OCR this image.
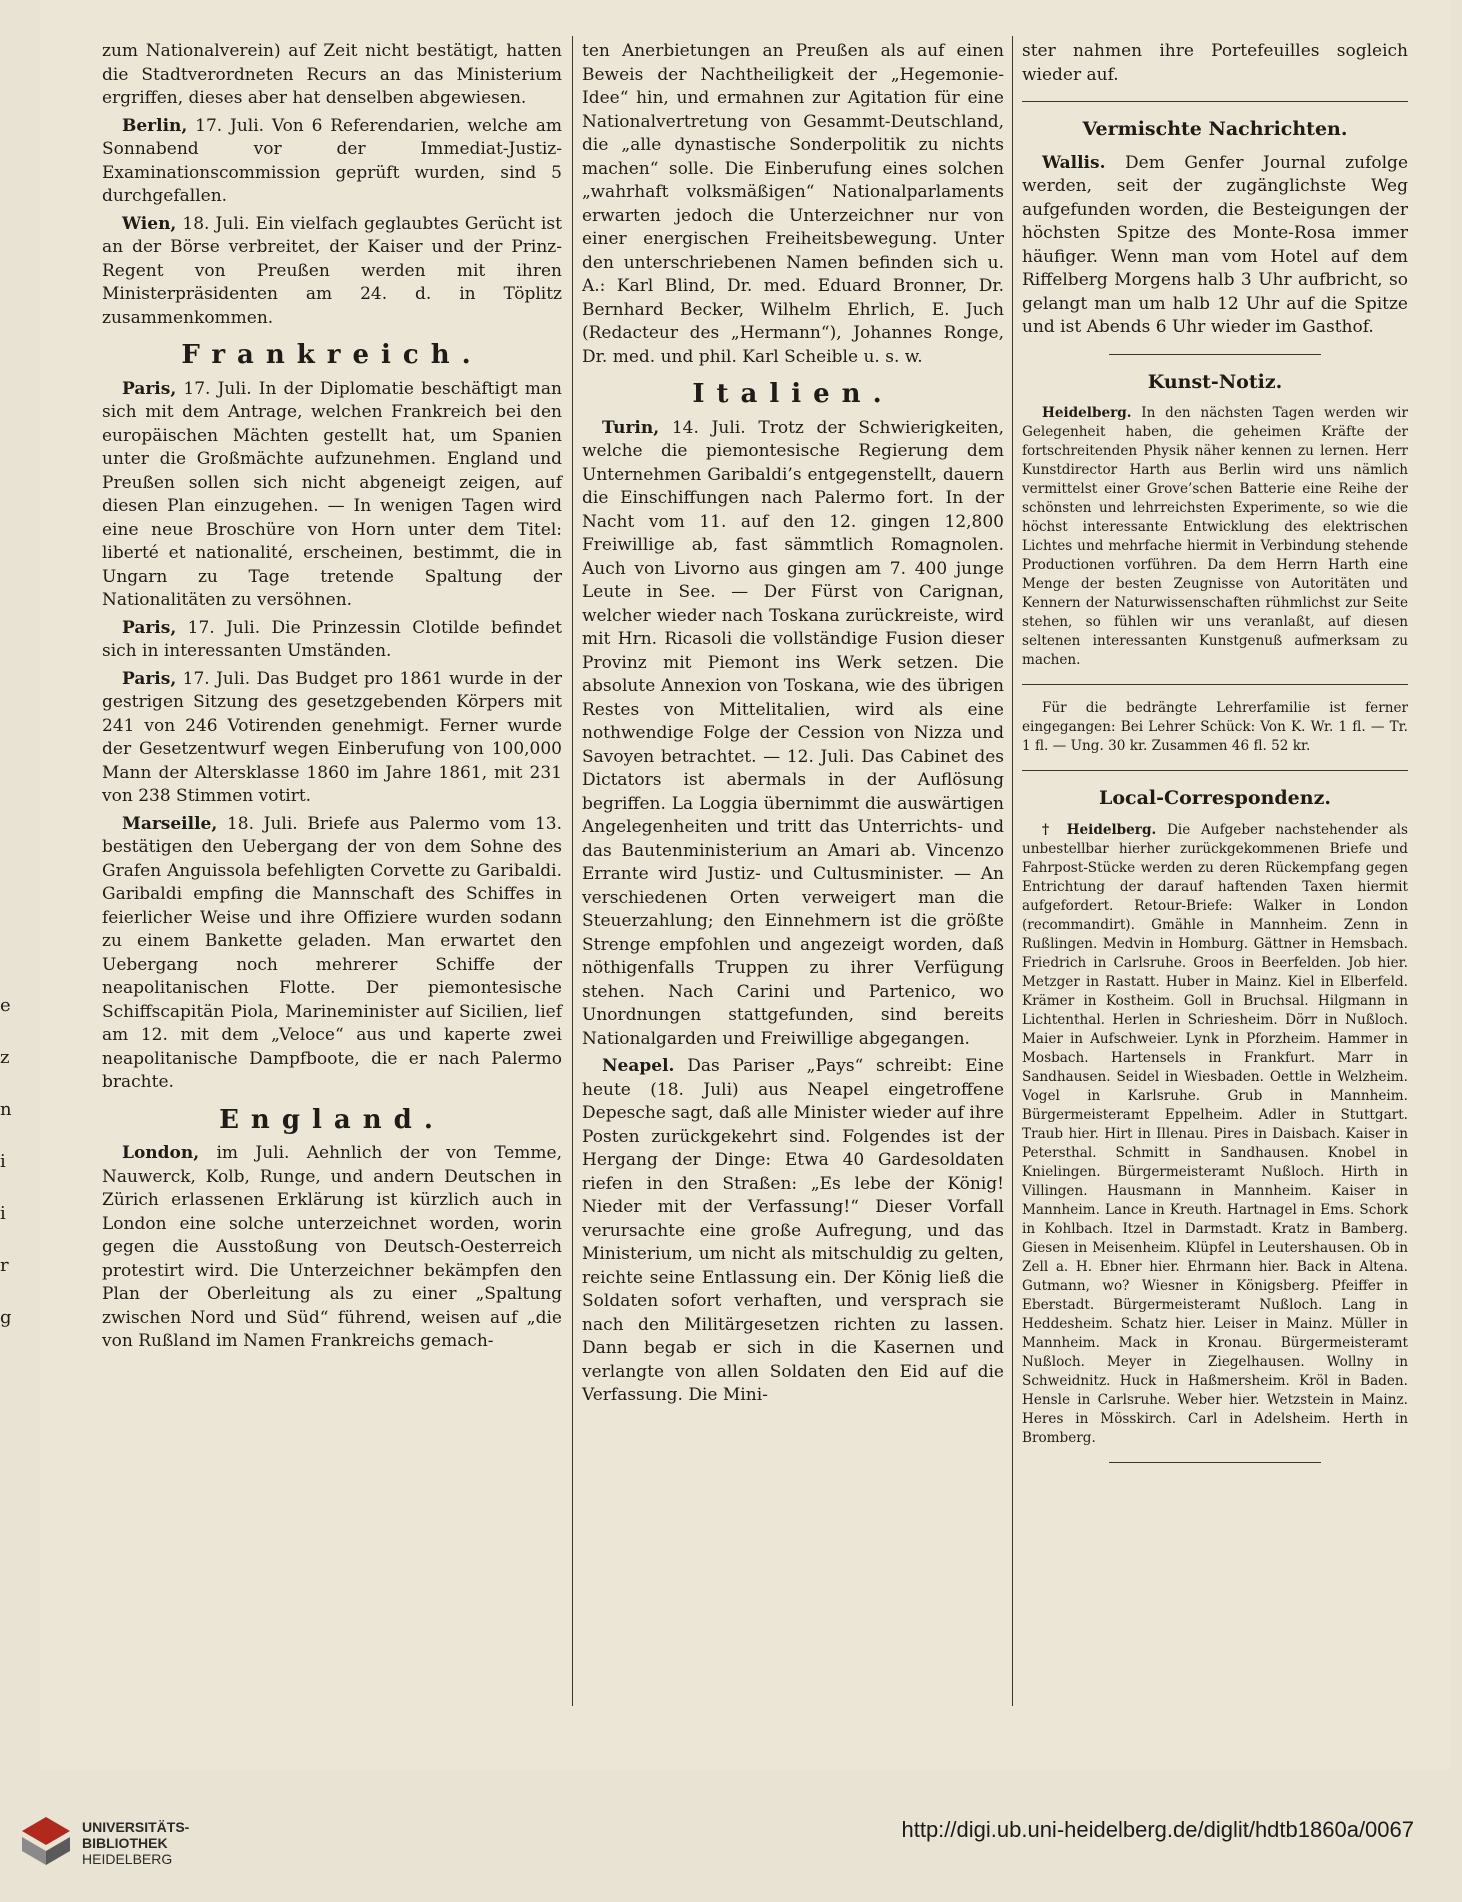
zum Nationalverein) auf Zeit nicht bestätigt, hatten die Stadtverordneten Recurs an das Ministerium ergriffen, dieses aber hat denselben abgewiesen.

Berlin, 17. Juli. Von 6 Referendarien, welche am Sonnabend vor der Immediat-Justiz-Examinationscommission geprüft wurden, sind 5 durchgefallen.

Wien, 18. Juli. Ein vielfach geglaubtes Gerücht ist an der Börse verbreitet, der Kaiser und der Prinz-Regent von Preußen werden mit ihren Ministerpräsidenten am 24. d. in Töplitz zusammenkommen.

Frankreich.

Paris, 17. Juli. In der Diplomatie beschäftigt man sich mit dem Antrage, welchen Frankreich bei den europäischen Mächten gestellt hat, um Spanien unter die Großmächte aufzunehmen. England und Preußen sollen sich nicht abgeneigt zeigen, auf diesen Plan einzugehen. — In wenigen Tagen wird eine neue Broschüre von Horn unter dem Titel: liberté et nationalité, erscheinen, bestimmt, die in Ungarn zu Tage tretende Spaltung der Nationalitäten zu versöhnen.

Paris, 17. Juli. Die Prinzessin Clotilde befindet sich in interessanten Umständen.

Paris, 17. Juli. Das Budget pro 1861 wurde in der gestrigen Sitzung des gesetzgebenden Körpers mit 241 von 246 Votirenden genehmigt. Ferner wurde der Gesetzentwurf wegen Einberufung von 100,000 Mann der Altersklasse 1860 im Jahre 1861, mit 231 von 238 Stimmen votirt.

Marseille, 18. Juli. Briefe aus Palermo vom 13. bestätigen den Uebergang der von dem Sohne des Grafen Anguissola befehligten Corvette zu Garibaldi. Garibaldi empfing die Mannschaft des Schiffes in feierlicher Weise und ihre Offiziere wurden sodann zu einem Bankette geladen. Man erwartet den Uebergang noch mehrerer Schiffe der neapolitanischen Flotte. Der piemontesische Schiffscapitän Piola, Marineminister auf Sicilien, lief am 12. mit dem „Veloce“ aus und kaperte zwei neapolitanische Dampfboote, die er nach Palermo brachte.

England.

London, im Juli. Aehnlich der von Temme, Nauwerck, Kolb, Runge, und andern Deutschen in Zürich erlassenen Erklärung ist kürzlich auch in London eine solche unterzeichnet worden, worin gegen die Ausstoßung von Deutsch-Oesterreich protestirt wird. Die Unterzeichner bekämpfen den Plan der Oberleitung als zu einer „Spaltung zwischen Nord und Süd“ führend, weisen auf „die von Rußland im Namen Frankreichs gemach-

ten Anerbietungen an Preußen als auf einen Beweis der Nachtheiligkeit der „Hegemonie-Idee“ hin, und ermahnen zur Agitation für eine Nationalvertretung von Gesammt-Deutschland, die „alle dynastische Sonderpolitik zu nichts machen“ solle. Die Einberufung eines solchen „wahrhaft volksmäßigen“ Nationalparlaments erwarten jedoch die Unterzeichner nur von einer energischen Freiheitsbewegung. Unter den unterschriebenen Namen befinden sich u. A.: Karl Blind, Dr. med. Eduard Bronner, Dr. Bernhard Becker, Wilhelm Ehrlich, E. Juch (Redacteur des „Hermann“), Johannes Ronge, Dr. med. und phil. Karl Scheible u. s. w.

Italien.

Turin, 14. Juli. Trotz der Schwierigkeiten, welche die piemontesische Regierung dem Unternehmen Garibaldi’s entgegenstellt, dauern die Einschiffungen nach Palermo fort. In der Nacht vom 11. auf den 12. gingen 12,800 Freiwillige ab, fast sämmtlich Romagnolen. Auch von Livorno aus gingen am 7. 400 junge Leute in See. — Der Fürst von Carignan, welcher wieder nach Toskana zurückreiste, wird mit Hrn. Ricasoli die vollständige Fusion dieser Provinz mit Piemont ins Werk setzen. Die absolute Annexion von Toskana, wie des übrigen Restes von Mittelitalien, wird als eine nothwendige Folge der Cession von Nizza und Savoyen betrachtet. — 12. Juli. Das Cabinet des Dictators ist abermals in der Auflösung begriffen. La Loggia übernimmt die auswärtigen Angelegenheiten und tritt das Unterrichts- und das Bautenministerium an Amari ab. Vincenzo Errante wird Justiz- und Cultusminister. — An verschiedenen Orten verweigert man die Steuerzahlung; den Einnehmern ist die größte Strenge empfohlen und angezeigt worden, daß nöthigenfalls Truppen zu ihrer Verfügung stehen. Nach Carini und Partenico, wo Unordnungen stattgefunden, sind bereits Nationalgarden und Freiwillige abgegangen.

Neapel. Das Pariser „Pays“ schreibt: Eine heute (18. Juli) aus Neapel eingetroffene Depesche sagt, daß alle Minister wieder auf ihre Posten zurückgekehrt sind. Folgendes ist der Hergang der Dinge: Etwa 40 Gardesoldaten riefen in den Straßen: „Es lebe der König! Nieder mit der Verfassung!“ Dieser Vorfall verursachte eine große Aufregung, und das Ministerium, um nicht als mitschuldig zu gelten, reichte seine Entlassung ein. Der König ließ die Soldaten sofort verhaften, und versprach sie nach den Militärgesetzen richten zu lassen. Dann begab er sich in die Kasernen und verlangte von allen Soldaten den Eid auf die Verfassung. Die Mini-

ster nahmen ihre Portefeuilles sogleich wieder auf.

Vermischte Nachrichten.

Wallis. Dem Genfer Journal zufolge werden, seit der zugänglichste Weg aufgefunden worden, die Besteigungen der höchsten Spitze des Monte-Rosa immer häufiger. Wenn man vom Hotel auf dem Riffelberg Morgens halb 3 Uhr aufbricht, so gelangt man um halb 12 Uhr auf die Spitze und ist Abends 6 Uhr wieder im Gasthof.

Kunst-Notiz.

Heidelberg. In den nächsten Tagen werden wir Gelegenheit haben, die geheimen Kräfte der fortschreitenden Physik näher kennen zu lernen. Herr Kunstdirector Harth aus Berlin wird uns nämlich vermittelst einer Grove’schen Batterie eine Reihe der schönsten und lehrreichsten Experimente, so wie die höchst interessante Entwicklung des elektrischen Lichtes und mehrfache hiermit in Verbindung stehende Productionen vorführen. Da dem Herrn Harth eine Menge der besten Zeugnisse von Autoritäten und Kennern der Naturwissenschaften rühmlichst zur Seite stehen, so fühlen wir uns veranlaßt, auf diesen seltenen interessanten Kunstgenuß aufmerksam zu machen.

Für die bedrängte Lehrerfamilie ist ferner eingegangen: Bei Lehrer Schück: Von K. Wr. 1 fl. — Tr. 1 fl. — Ung. 30 kr. Zusammen 46 fl. 52 kr.

Local-Correspondenz.

† Heidelberg. Die Aufgeber nachstehender als unbestellbar hierher zurückgekommenen Briefe und Fahrpost-Stücke werden zu deren Rückempfang gegen Entrichtung der darauf haftenden Taxen hiermit aufgefordert. Retour-Briefe: Walker in London (recommandirt). Gmähle in Mannheim. Zenn in Rußlingen. Medvin in Homburg. Gättner in Hemsbach. Friedrich in Carlsruhe. Groos in Beerfelden. Job hier. Metzger in Rastatt. Huber in Mainz. Kiel in Elberfeld. Krämer in Kostheim. Goll in Bruchsal. Hilgmann in Lichtenthal. Herlen in Schriesheim. Dörr in Nußloch. Maier in Aufschweier. Lynk in Pforzheim. Hammer in Mosbach. Hartensels in Frankfurt. Marr in Sandhausen. Seidel in Wiesbaden. Oettle in Welzheim. Vogel in Karlsruhe. Grub in Mannheim. Bürgermeisteramt Eppelheim. Adler in Stuttgart. Traub hier. Hirt in Illenau. Pires in Daisbach. Kaiser in Petersthal. Schmitt in Sandhausen. Knobel in Knielingen. Bürgermeisteramt Nußloch. Hirth in Villingen. Hausmann in Mannheim. Kaiser in Mannheim. Lance in Kreuth. Hartnagel in Ems. Schork in Kohlbach. Itzel in Darmstadt. Kratz in Bamberg. Giesen in Meisenheim. Klüpfel in Leutershausen. Ob in Zell a. H. Ebner hier. Ehrmann hier. Back in Altena. Gutmann, wo? Wiesner in Königsberg. Pfeiffer in Eberstadt. Bürgermeisteramt Nußloch. Lang in Heddesheim. Schatz hier. Leiser in Mainz. Müller in Mannheim. Mack in Kronau. Bürgermeisteramt Nußloch. Meyer in Ziegelhausen. Wollny in Schweidnitz. Huck in Haßmersheim. Kröl in Baden. Hensle in Carlsruhe. Weber hier. Wetzstein in Mainz. Heres in Mösskirch. Carl in Adelsheim. Herth in Bromberg.

e
z
n
i
i
r
g
UNIVERSITÄTS-
BIBLIOTHEK
HEIDELBERG
http://digi.ub.uni-heidelberg.de/diglit/hdtb1860a/0067
